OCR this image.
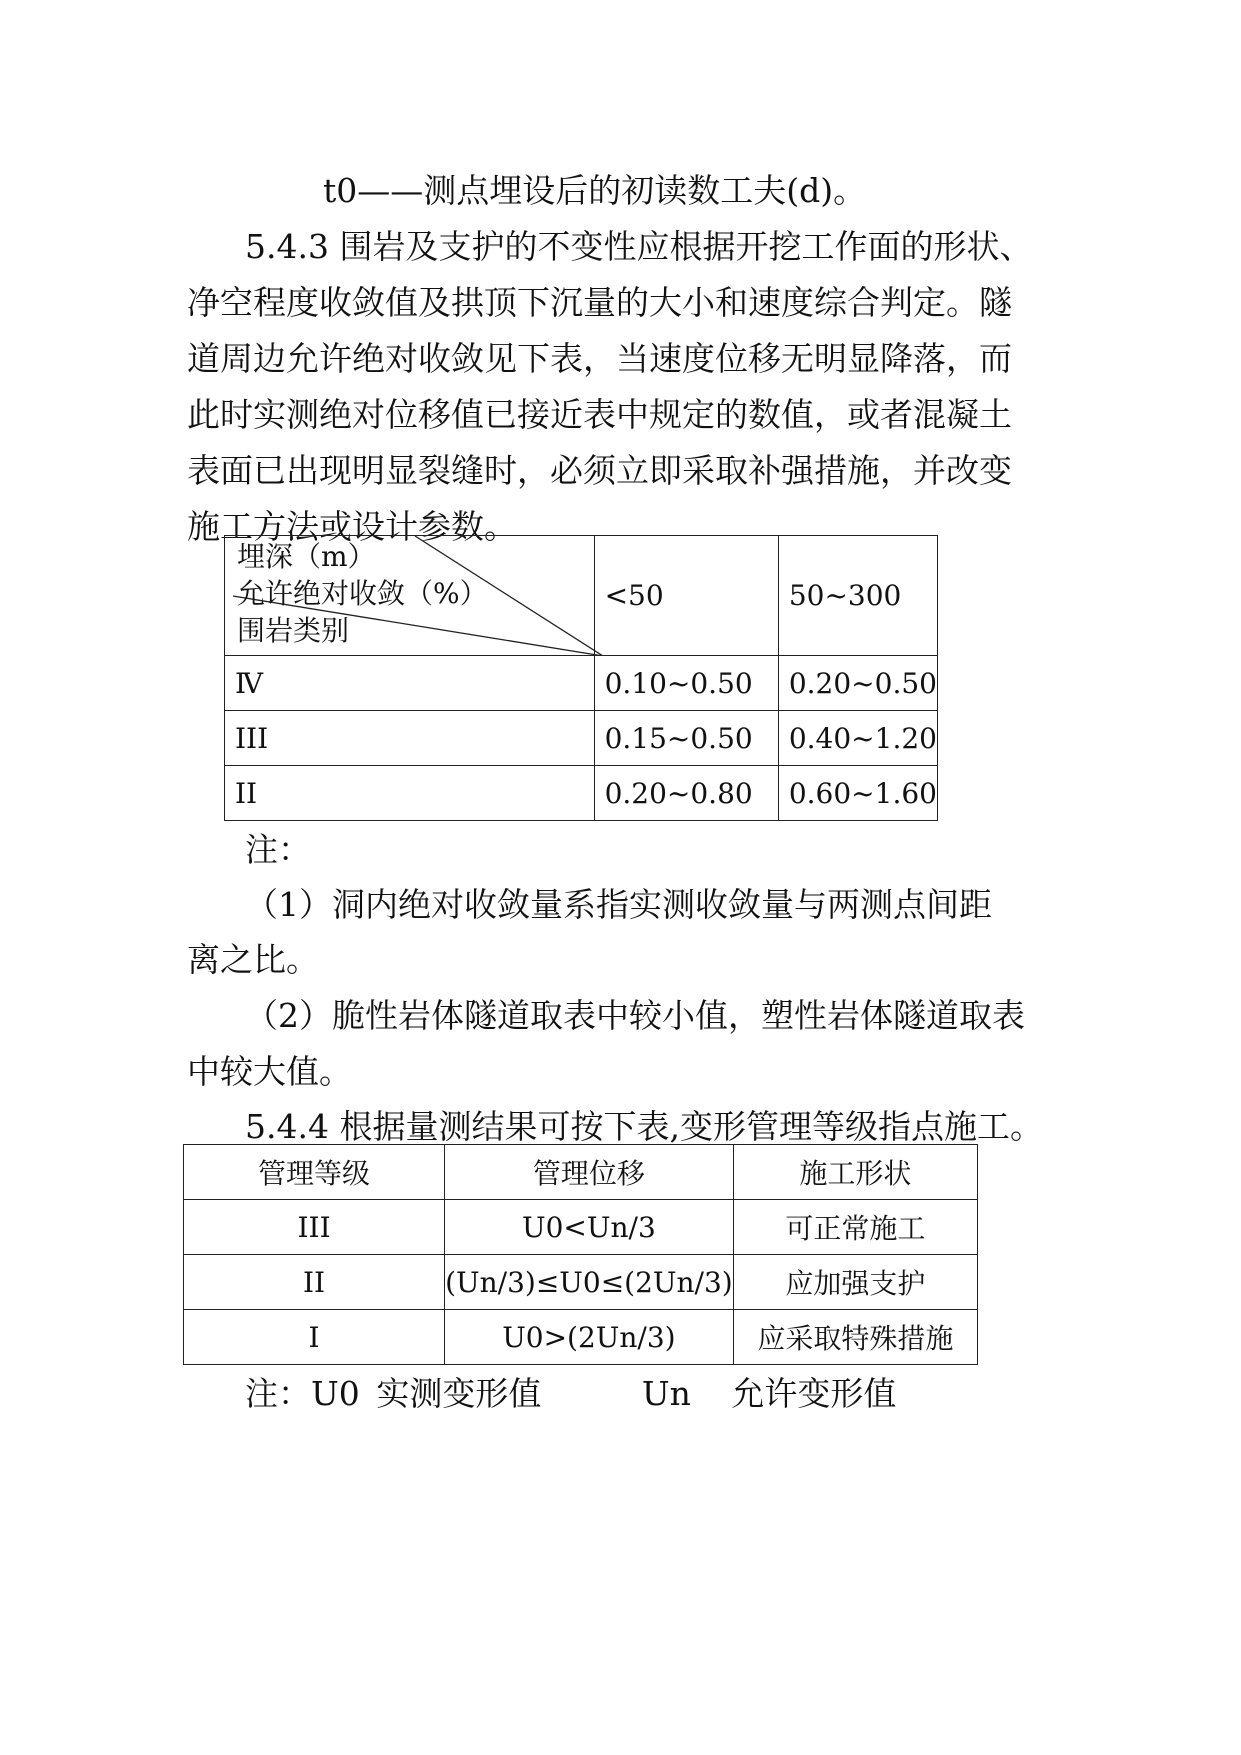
t0——测点埋设后的初读数工夫(d)。
5.4.3 围岩及支护的不变性应根据开挖工作面的形状、
净空程度收敛值及拱顶下沉量的大小和速度综合判定。隧
道周边允许绝对收敛见下表，当速度位移无明显降落，而
此时实测绝对位移值已接近表中规定的数值，或者混凝土
表面已出现明显裂缝时，必须立即采取补强措施，并改变
施工方法或设计参数。
埋深（m）
允许绝对收敛（%）
围岩类别	<50	50~300
Ⅳ	0.10~0.50	0.20~0.50
III	0.15~0.50	0.40~1.20
II	0.20~0.80	0.60~1.60
注：
（1）洞内绝对收敛量系指实测收敛量与两测点间距
离之比。
（2）脆性岩体隧道取表中较小值，塑性岩体隧道取表
中较大值。
5.4.4 根据量测结果可按下表,变形管理等级指点施工。
管理等级	管理位移	施工形状
III	U0<Un/3	可正常施工
II	(Un/3)≤U0≤(2Un/3)	应加强支护
I	U0>(2Un/3)	应采取特殊措施
注：U0 实测变形值	Un 允许变形值
